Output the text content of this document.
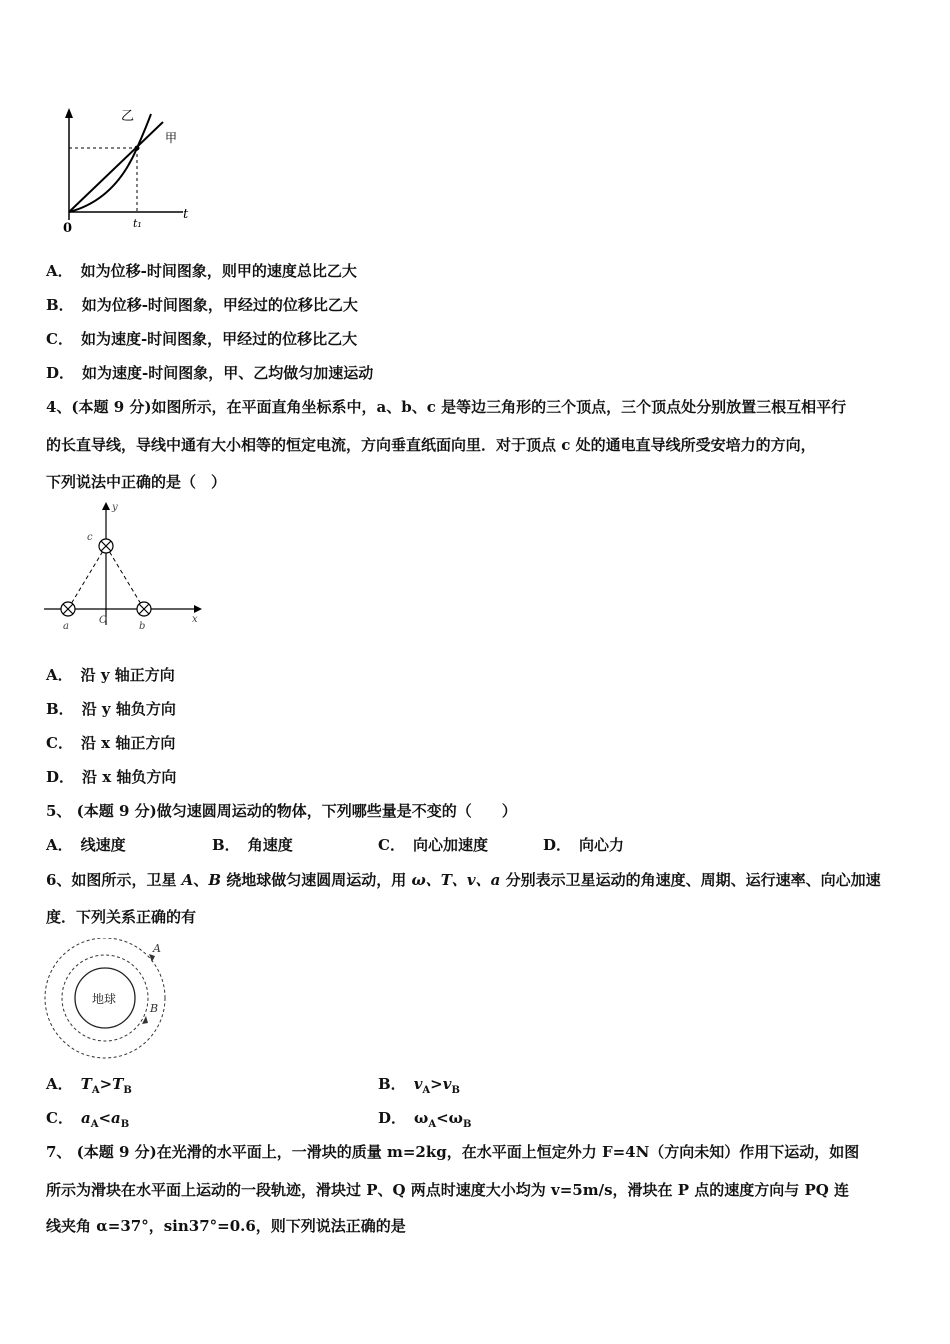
0
t
t₁
乙
甲
A． 如为位移-时间图象，则甲的速度总比乙大
B． 如为位移-时间图象，甲经过的位移比乙大
C． 如为速度-时间图象，甲经过的位移比乙大
D． 如为速度-时间图象，甲、乙均做匀加速运动
4、(本题 9 分)如图所示，在平面直角坐标系中，a、b、c 是等边三角形的三个顶点，三个顶点处分别放置三根互相平行
的长直导线，导线中通有大小相等的恒定电流，方向垂直纸面向里．对于顶点 c 处的通电直导线所受安培力的方向，
下列说法中正确的是（　）
y
x
O
a	b
c
A． 沿 y 轴正方向
B． 沿 y 轴负方向
C． 沿 x 轴正方向
D． 沿 x 轴负方向
5、 (本题 9 分)做匀速圆周运动的物体，下列哪些量是不变的（　　）
A． 线速度	B． 角速度	C． 向心加速度	D． 向心力
6、如图所示，卫星 A、B 绕地球做匀速圆周运动，用 ω、T、v、a 分别表示卫星运动的角速度、周期、运行速率、向心加速
度．下列关系正确的有
地球
A
B
A． $T_A>T_B$	B． $v_A>v_B$
C． $a_A<a_B$	D． $\omega_A<\omega_B$
7、 (本题 9 分)在光滑的水平面上，一滑块的质量 m=2kg，在水平面上恒定外力 F=4N（方向未知）作用下运动，如图
所示为滑块在水平面上运动的一段轨迹，滑块过 P、Q 两点时速度大小均为 v=5m/s，滑块在 P 点的速度方向与 PQ 连
线夹角 α=37°，sin37°=0.6，则下列说法正确的是
